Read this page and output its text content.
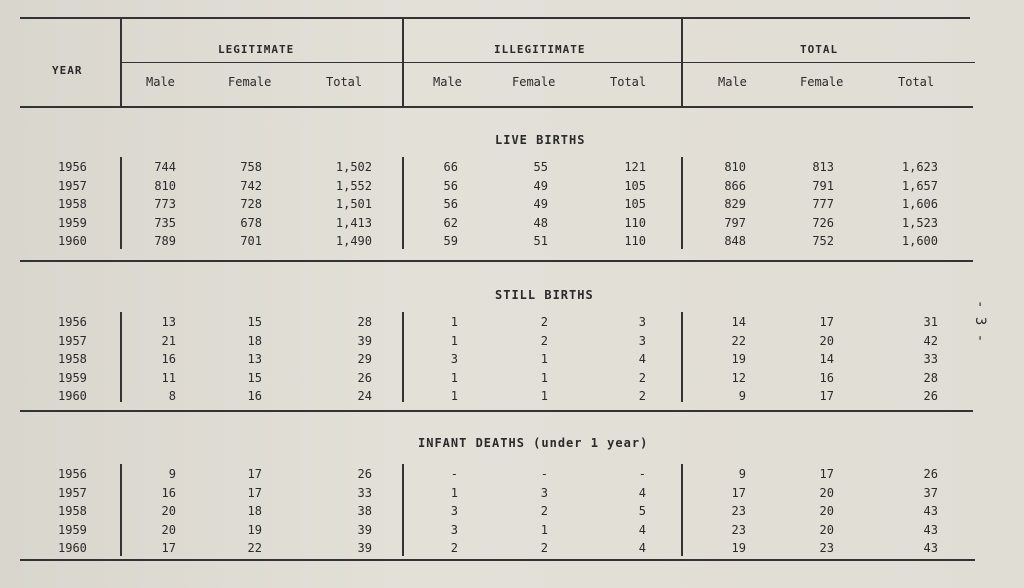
YEAR
LEGITIMATE	ILLEGITIMATE	TOTAL
Male	Female	Total	Male	Female	Total	Male	Female	Total
LIVE BIRTHS
STILL BIRTHS
INFANT DEATHS (under 1 year)
1956	744	758	1,502	66	55	121	810	813	1,623
1957	810	742	1,552	56	49	105	866	791	1,657
1958	773	728	1,501	56	49	105	829	777	1,606
1959	735	678	1,413	62	48	110	797	726	1,523
1960	789	701	1,490	59	51	110	848	752	1,600
1956	13	15	28	1	2	3	14	17	31
1957	21	18	39	1	2	3	22	20	42
1958	16	13	29	3	1	4	19	14	33
1959	11	15	26	1	1	2	12	16	28
1960	8	16	24	1	1	2	9	17	26
1956	9	17	26	-	-	-	9	17	26
1957	16	17	33	1	3	4	17	20	37
1958	20	18	38	3	2	5	23	20	43
1959	20	19	39	3	1	4	23	20	43
1960	17	22	39	2	2	4	19	23	43
- 3 -
